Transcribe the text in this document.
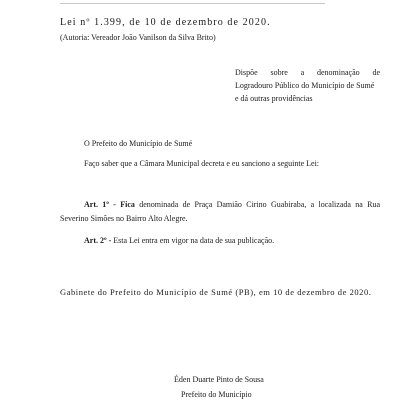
Lei nº 1.399, de 10 de dezembro de 2020.
(Autoria: Vereador João Vanilson da Silva Brito)
Dispõe sobre a denominação de
Logradouro Público do Município de Sumé
e dá outras providências
O Prefeito do Município de Sumé
Faço saber que a Câmara Municipal decreta e eu sanciono a seguinte Lei:
Art. 1º - Fica denominada de Praça Damião Cirino Guabiraba, a localizada na Rua
Severino Simões no Bairro Alto Alegre.
Art. 2º - Esta Lei entra em vigor na data de sua publicação.
Gabinete do Prefeito do Município de Sumé (PB), em 10 de dezembro de 2020.
Éden Duarte Pinto de Sousa
Prefeito do Município
